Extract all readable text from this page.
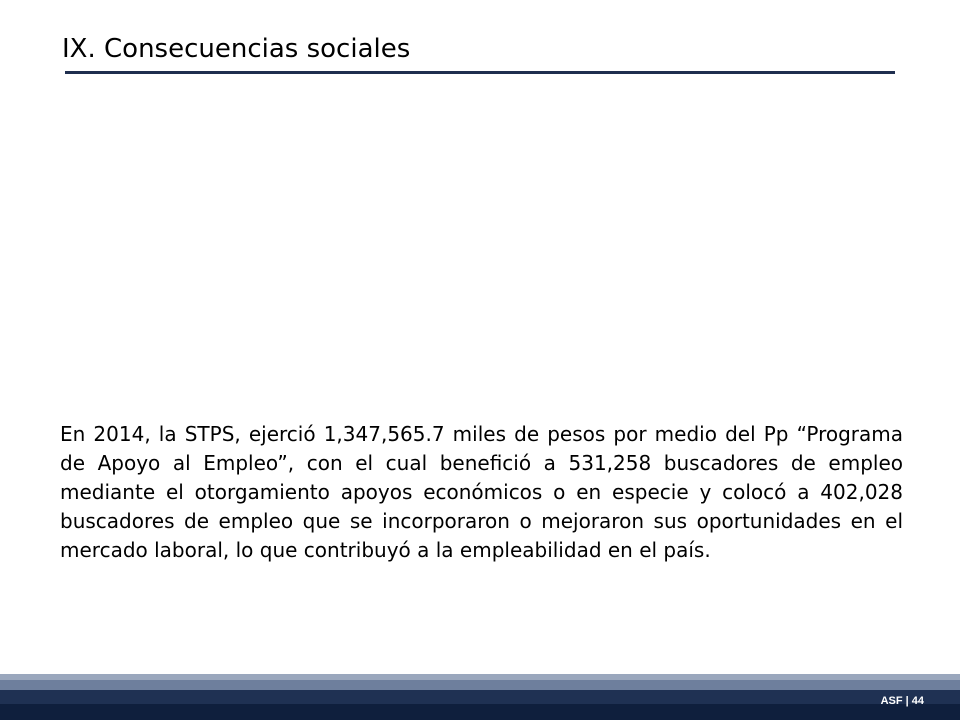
IX. Consecuencias sociales

En 2014, la STPS, ejerció 1,347,565.7 miles de pesos por medio del Pp “Programa de Apoyo al Empleo”, con el cual benefició a 531,258 buscadores de empleo mediante el otorgamiento apoyos económicos o en especie y colocó a 402,028 buscadores de empleo que se incorporaron o mejoraron sus oportunidades en el mercado laboral, lo que contribuyó a la empleabilidad en el país.

ASF | 44
